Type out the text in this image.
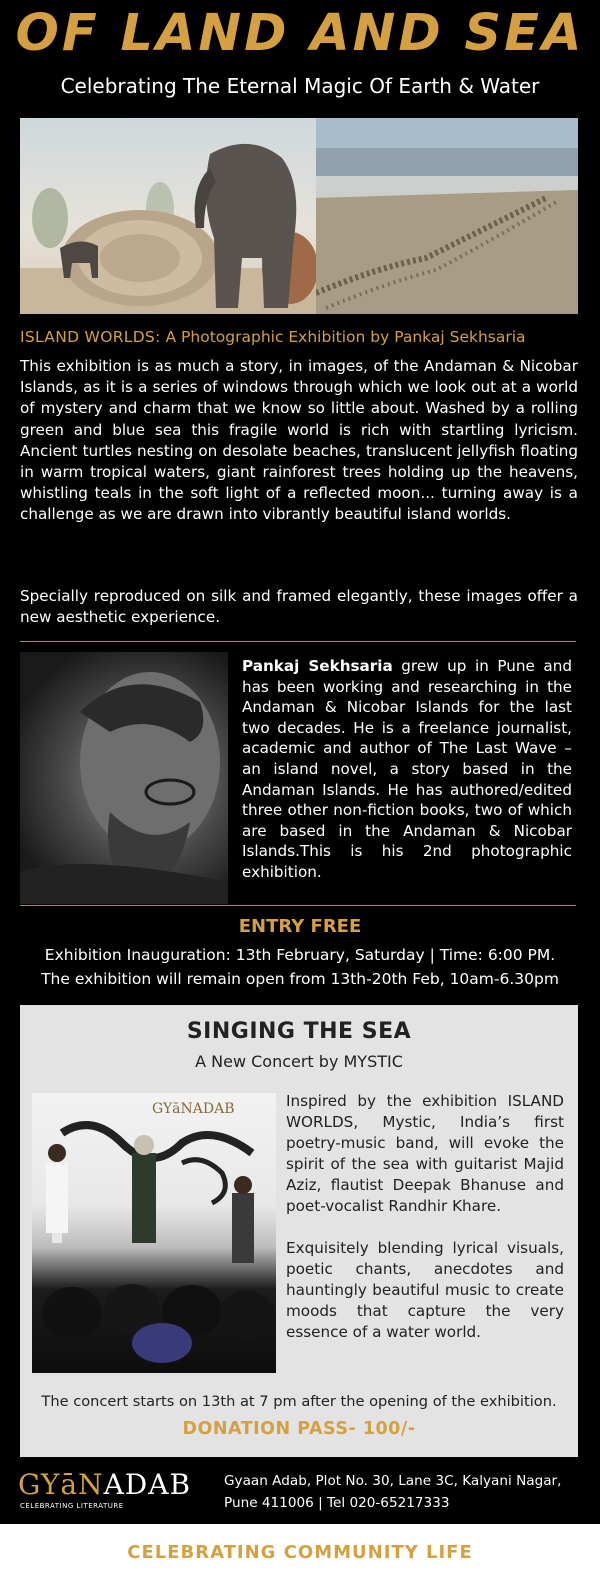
OF LAND AND SEA
Celebrating The Eternal Magic Of Earth & Water
ISLAND WORLDS: A Photographic Exhibition by Pankaj Sekhsaria
This exhibition is as much a story, in images, of the Andaman & Nicobar Islands, as it is a series of windows through which we look out at a world of mystery and charm that we know so little about. Washed by a rolling green and blue sea this fragile world is rich with startling lyricism. Ancient turtles nesting on desolate beaches, translucent jellyfish floating in warm tropical waters, giant rainforest trees holding up the heavens, whistling teals in the soft light of a reflected moon... turning away is a challenge as we are drawn into vibrantly beautiful island worlds.
Specially reproduced on silk and framed elegantly, these images offer a new aesthetic experience.
Pankaj Sekhsaria grew up in Pune and has been working and researching in the Andaman & Nicobar Islands for the last two decades. He is a freelance journalist, academic and author of The Last Wave – an island novel, a story based in the Andaman Islands. He has authored/edited three other non-fiction books, two of which are based in the Andaman & Nicobar Islands.This is his 2nd photographic exhibition.
ENTRY FREE
Exhibition Inauguration: 13th February, Saturday | Time: 6:00 PM.
The exhibition will remain open from 13th-20th Feb, 10am-6.30pm
SINGING THE SEA
A New Concert by MYSTIC
GYāNADAB	Inspired by the exhibition ISLAND WORLDS, Mystic, India’s first poetry-music band, will evoke the spirit of the sea with guitarist Majid Aziz, flautist Deepak Bhanuse and poet-vocalist Randhir Khare.

Exquisitely blending lyrical visuals, poetic chants, anecdotes and hauntingly beautiful music to create moods that capture the very essence of a water world.

The concert starts on 13th at 7 pm after the opening of the exhibition.
DONATION PASS- 100/-
GYāNADAB
CELEBRATING LITERATURE
Gyaan Adab, Plot No. 30, Lane 3C, Kalyani Nagar, Pune 411006 | Tel 020-65217333
CELEBRATING COMMUNITY LIFE
